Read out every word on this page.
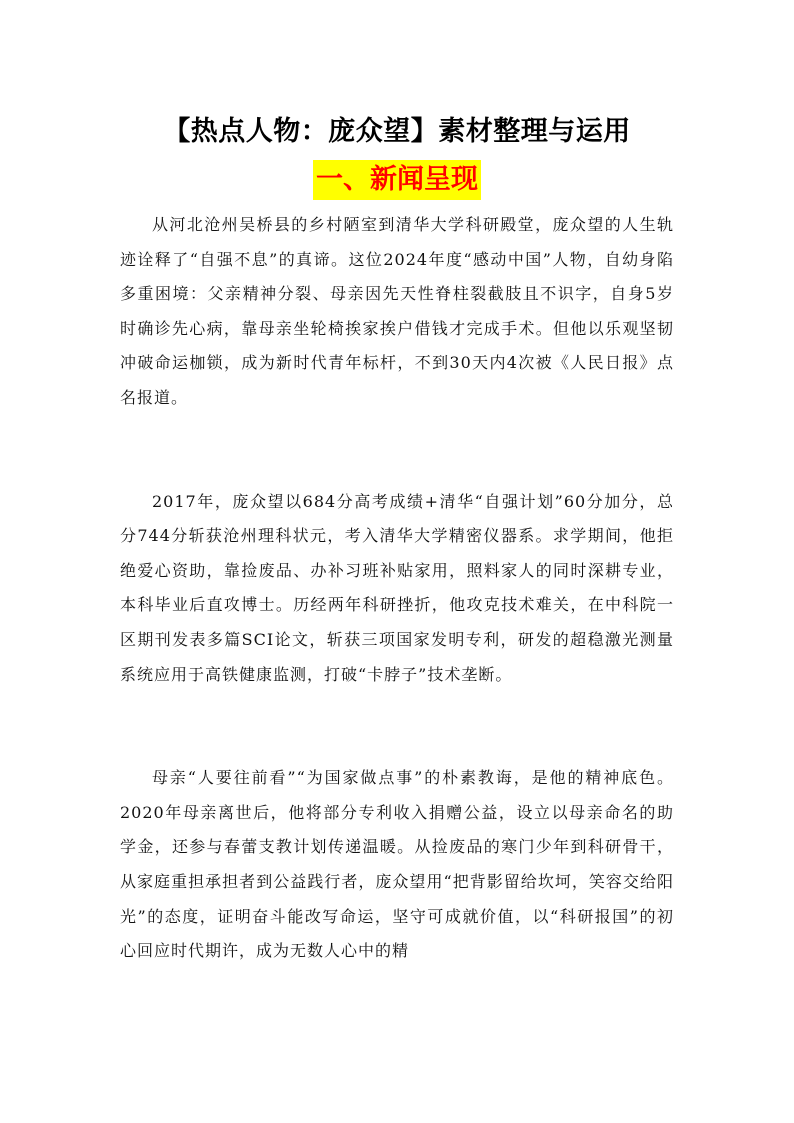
【热点人物：庞众望】素材整理与运用
一、新闻呈现

从河北沧州吴桥县的乡村陋室到清华大学科研殿堂，庞众望的人生轨迹诠释了“自强不息”的真谛。这位2024年度“感动中国”人物，自幼身陷多重困境：父亲精神分裂、母亲因先天性脊柱裂截肢且不识字，自身5岁时确诊先心病，靠母亲坐轮椅挨家挨户借钱才完成手术。但他以乐观坚韧冲破命运枷锁，成为新时代青年标杆，不到30天内4次被《人民日报》点名报道。

2017年，庞众望以684分高考成绩+清华“自强计划”60分加分，总分744分斩获沧州理科状元，考入清华大学精密仪器系。求学期间，他拒绝爱心资助，靠捡废品、办补习班补贴家用，照料家人的同时深耕专业，本科毕业后直攻博士。历经两年科研挫折，他攻克技术难关，在中科院一区期刊发表多篇SCI论文，斩获三项国家发明专利，研发的超稳激光测量系统应用于高铁健康监测，打破“卡脖子”技术垄断。

母亲“人要往前看”“为国家做点事”的朴素教诲，是他的精神底色。2020年母亲离世后，他将部分专利收入捐赠公益，设立以母亲命名的助学金，还参与春蕾支教计划传递温暖。从捡废品的寒门少年到科研骨干，从家庭重担承担者到公益践行者，庞众望用“把背影留给坎坷，笑容交给阳光”的态度，证明奋斗能改写命运，坚守可成就价值，以“科研报国”的初心回应时代期许，成为无数人心中的精
